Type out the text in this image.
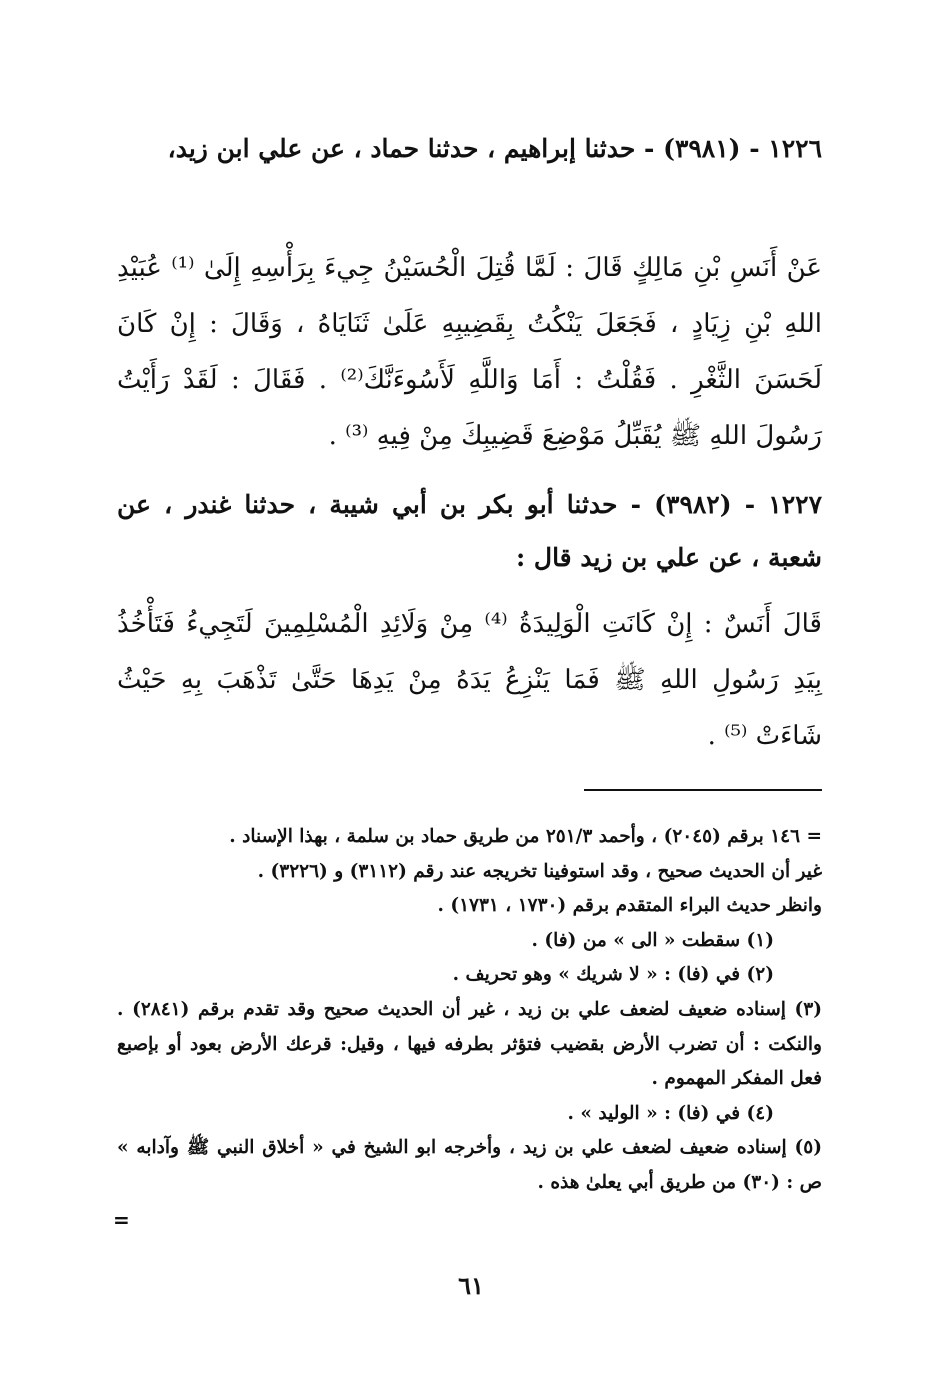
١٢٢٦ - (٣٩٨١) - حدثنا إبراهيم ، حدثنا حماد ، عن علي ابن زيد،
عَنْ أَنَسِ بْنِ مَالِكٍ قَالَ : لَمَّا قُتِلَ الْحُسَيْنُ جِيءَ بِرَأْسِهِ إِلَىٰ ⁽¹⁾ عُبَيْدِ اللهِ بْنِ زِيَادٍ ، فَجَعَلَ يَنْكُتُ بِقَضِيبِهِ عَلَىٰ ثَنَايَاهُ ، وَقَالَ : إِنْ كَانَ لَحَسَنَ الثَّغْرِ . فَقُلْتُ : أَمَا وَاللَّهِ لَأَسُوءَنَّكَ⁽²⁾ . فَقَالَ : لَقَدْ رَأَيْتُ رَسُولَ اللهِ ﷺ يُقَبِّلُ مَوْضِعَ قَضِيبِكَ مِنْ فِيهِ ⁽³⁾ .
١٢٢٧ - (٣٩٨٢) - حدثنا أبو بكر بن أبي شيبة ، حدثنا غندر ، عن شعبة ، عن علي بن زيد قال :
قَالَ أَنَسٌ : إِنْ كَانَتِ الْوَلِيدَةُ ⁽⁴⁾ مِنْ وَلَائِدِ الْمُسْلِمِينَ لَتَجِيءُ فَتَأْخُذُ بِيَدِ رَسُولِ اللهِ ﷺ فَمَا يَنْزِعُ يَدَهُ مِنْ يَدِهَا حَتَّىٰ تَذْهَبَ بِهِ حَيْثُ شَاءَتْ ⁽⁵⁾ .

= ١٤٦ برقم (٢٠٤٥) ، وأحمد ٢٥١/٣ من طريق حماد بن سلمة ، بهذا الإسناد .

غير أن الحديث صحيح ، وقد استوفينا تخريجه عند رقم (٣١١٢) و (٣٢٢٦) .

وانظر حديث البراء المتقدم برقم (١٧٣٠ ، ١٧٣١) .

(١) سقطت « الى » من (فا) .

(٢) في (فا) : « لا شريك » وهو تحريف .

(٣) إسناده ضعيف لضعف علي بن زيد ، غير أن الحديث صحيح وقد تقدم برقم (٢٨٤١) . والنكت : أن تضرب الأرض بقضيب فتؤثر بطرفه فيها ، وقيل: قرعك الأرض بعود أو بإصبع فعل المفكر المهموم .

(٤) في (فا) : « الوليد » .

(٥) إسناده ضعيف لضعف علي بن زيد ، وأخرجه ابو الشيخ في « أخلاق النبي ﷺ وآدابه » ص : (٣٠) من طريق أبي يعلىٰ هذه .

=
٦١
